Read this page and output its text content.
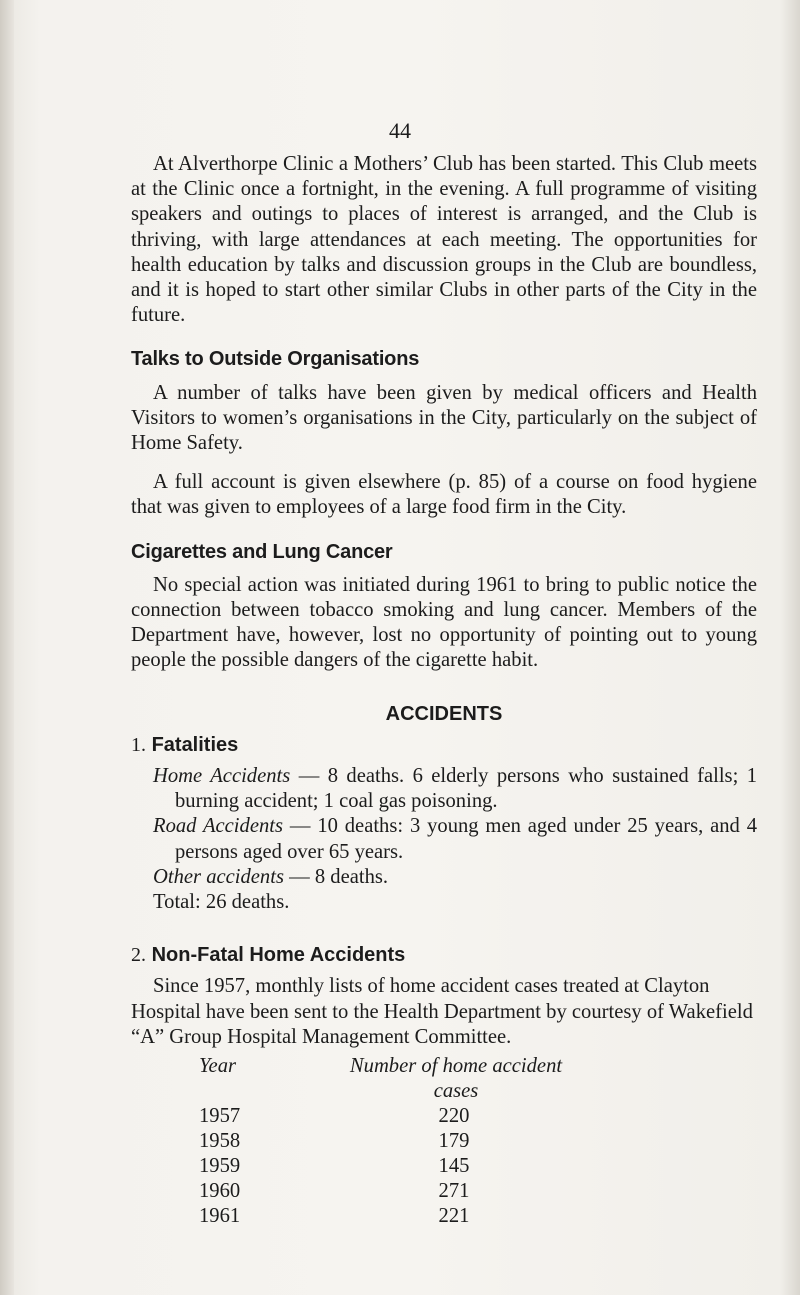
44

At Alverthorpe Clinic a Mothers’ Club has been started. This Club meets at the Clinic once a fortnight, in the evening. A full programme of visiting speakers and outings to places of interest is arranged, and the Club is thriving, with large attendances at each meeting. The opportunities for health education by talks and discussion groups in the Club are boundless, and it is hoped to start other similar Clubs in other parts of the City in the future.

Talks to Outside Organisations

A number of talks have been given by medical officers and Health Visitors to women’s organisations in the City, particularly on the subject of Home Safety.

A full account is given elsewhere (p. 85) of a course on food hygiene that was given to employees of a large food firm in the City.

Cigarettes and Lung Cancer

No special action was initiated during 1961 to bring to public notice the connection between tobacco smoking and lung cancer. Members of the Department have, however, lost no opportunity of pointing out to young people the possible dangers of the cigarette habit.

ACCIDENTS

1. Fatalities

Home Accidents — 8 deaths. 6 elderly persons who sustained falls; 1 burning accident; 1 coal gas poisoning.

Road Accidents — 10 deaths: 3 young men aged under 25 years, and 4 persons aged over 65 years.

Other accidents — 8 deaths.

Total: 26 deaths.

2. Non-Fatal Home Accidents

Since 1957, monthly lists of home accident cases treated at Clayton Hospital have been sent to the Health Department by courtesy of Wakefield “A” Group Hospital Management Committee.

Year	Number of home accident
cases
1957	220
1958	179
1959	145
1960	271
1961	221
